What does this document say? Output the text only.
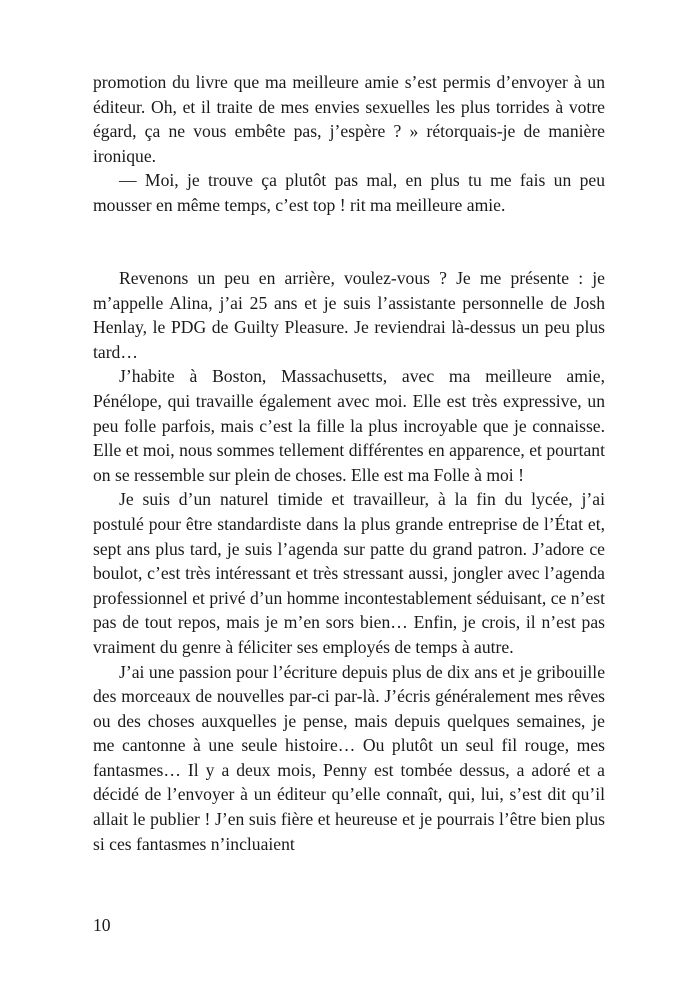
promotion du livre que ma meilleure amie s’est permis d’envoyer à un éditeur. Oh, et il traite de mes envies sexuelles les plus torrides à votre égard, ça ne vous embête pas, j’espère ? » rétorquais-je de manière ironique.

— Moi, je trouve ça plutôt pas mal, en plus tu me fais un peu mousser en même temps, c’est top ! rit ma meilleure amie.

Revenons un peu en arrière, voulez-vous ? Je me présente : je m’appelle Alina, j’ai 25 ans et je suis l’assistante personnelle de Josh Henlay, le PDG de Guilty Pleasure. Je reviendrai là-dessus un peu plus tard…

J’habite à Boston, Massachusetts, avec ma meilleure amie, Pénélope, qui travaille également avec moi. Elle est très expressive, un peu folle parfois, mais c’est la fille la plus incroyable que je connaisse. Elle et moi, nous sommes tellement différentes en apparence, et pourtant on se ressemble sur plein de choses. Elle est ma Folle à moi !

Je suis d’un naturel timide et travailleur, à la fin du lycée, j’ai postulé pour être standardiste dans la plus grande entreprise de l’État et, sept ans plus tard, je suis l’agenda sur patte du grand patron. J’adore ce boulot, c’est très intéressant et très stressant aussi, jongler avec l’agenda professionnel et privé d’un homme incontestablement séduisant, ce n’est pas de tout repos, mais je m’en sors bien… Enfin, je crois, il n’est pas vraiment du genre à féliciter ses employés de temps à autre.

J’ai une passion pour l’écriture depuis plus de dix ans et je gribouille des morceaux de nouvelles par-ci par-là. J’écris généralement mes rêves ou des choses auxquelles je pense, mais depuis quelques semaines, je me cantonne à une seule histoire… Ou plutôt un seul fil rouge, mes fantasmes… Il y a deux mois, Penny est tombée dessus, a adoré et a décidé de l’envoyer à un éditeur qu’elle connaît, qui, lui, s’est dit qu’il allait le publier ! J’en suis fière et heureuse et je pourrais l’être bien plus si ces fantasmes n’incluaient

10
